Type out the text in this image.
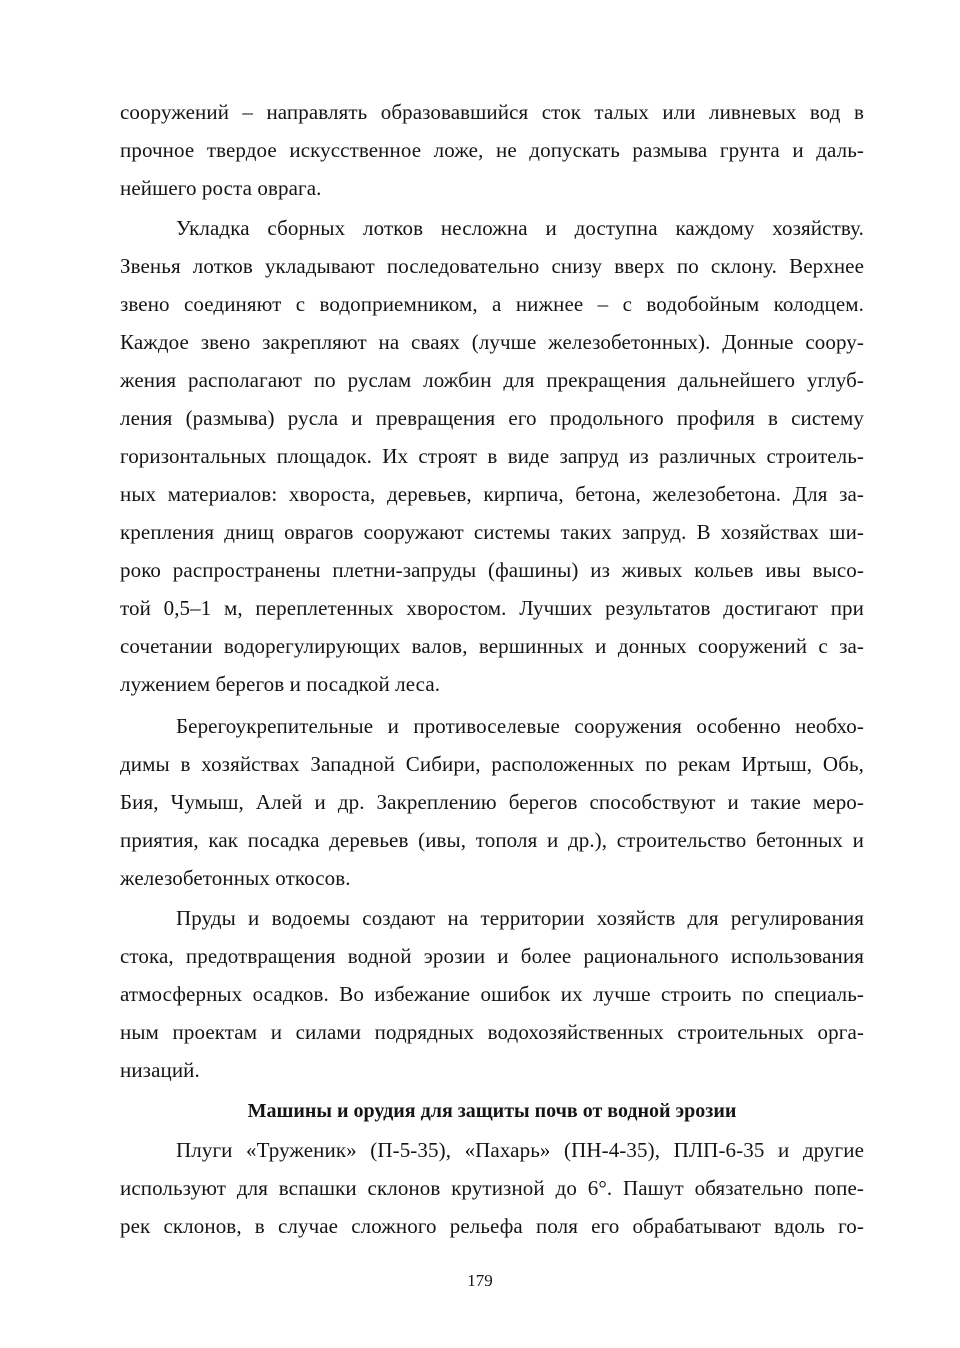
сооружений – направлять образовавшийся сток талых или ливневых вод в
прочное твердое искусственное ложе, не допускать размыва грунта и даль-
нейшего роста оврага.
Укладка сборных лотков несложна и доступна каждому хозяйству.
Звенья лотков укладывают последовательно снизу вверх по склону. Верхнее
звено соединяют с водоприемником, а нижнее – с водобойным колодцем.
Каждое звено закрепляют на сваях (лучше железобетонных). Донные соору-
жения располагают по руслам ложбин для прекращения дальнейшего углуб-
ления (размыва) русла и превращения его продольного профиля в систему
горизонтальных площадок. Их строят в виде запруд из различных строитель-
ных материалов: хвороста, деревьев, кирпича, бетона, железобетона. Для за-
крепления днищ оврагов сооружают системы таких запруд. В хозяйствах ши-
роко распространены плетни-запруды (фашины) из живых кольев ивы высо-
той 0,5–1 м, переплетенных хворостом. Лучших результатов достигают при
сочетании водорегулирующих валов, вершинных и донных сооружений с за-
лужением берегов и посадкой леса.
Берегоукрепительные и противоселевые сооружения особенно необхо-
димы в хозяйствах Западной Сибири, расположенных по рекам Иртыш, Обь,
Бия, Чумыш, Алей и др. Закреплению берегов способствуют и такие меро-
приятия, как посадка деревьев (ивы, тополя и др.), строительство бетонных и
железобетонных откосов.
Пруды и водоемы создают на территории хозяйств для регулирования
стока, предотвращения водной эрозии и более рационального использования
атмосферных осадков. Во избежание ошибок их лучше строить по специаль-
ным проектам и силами подрядных водохозяйственных строительных орга-
низаций.
Машины и орудия для защиты почв от водной эрозии
Плуги «Труженик» (П-5-35), «Пахарь» (ПН-4-35), ПЛП-6-35 и другие
используют для вспашки склонов крутизной до 6°. Пашут обязательно попе-
рек склонов, в случае сложного рельефа поля его обрабатывают вдоль го-
179
